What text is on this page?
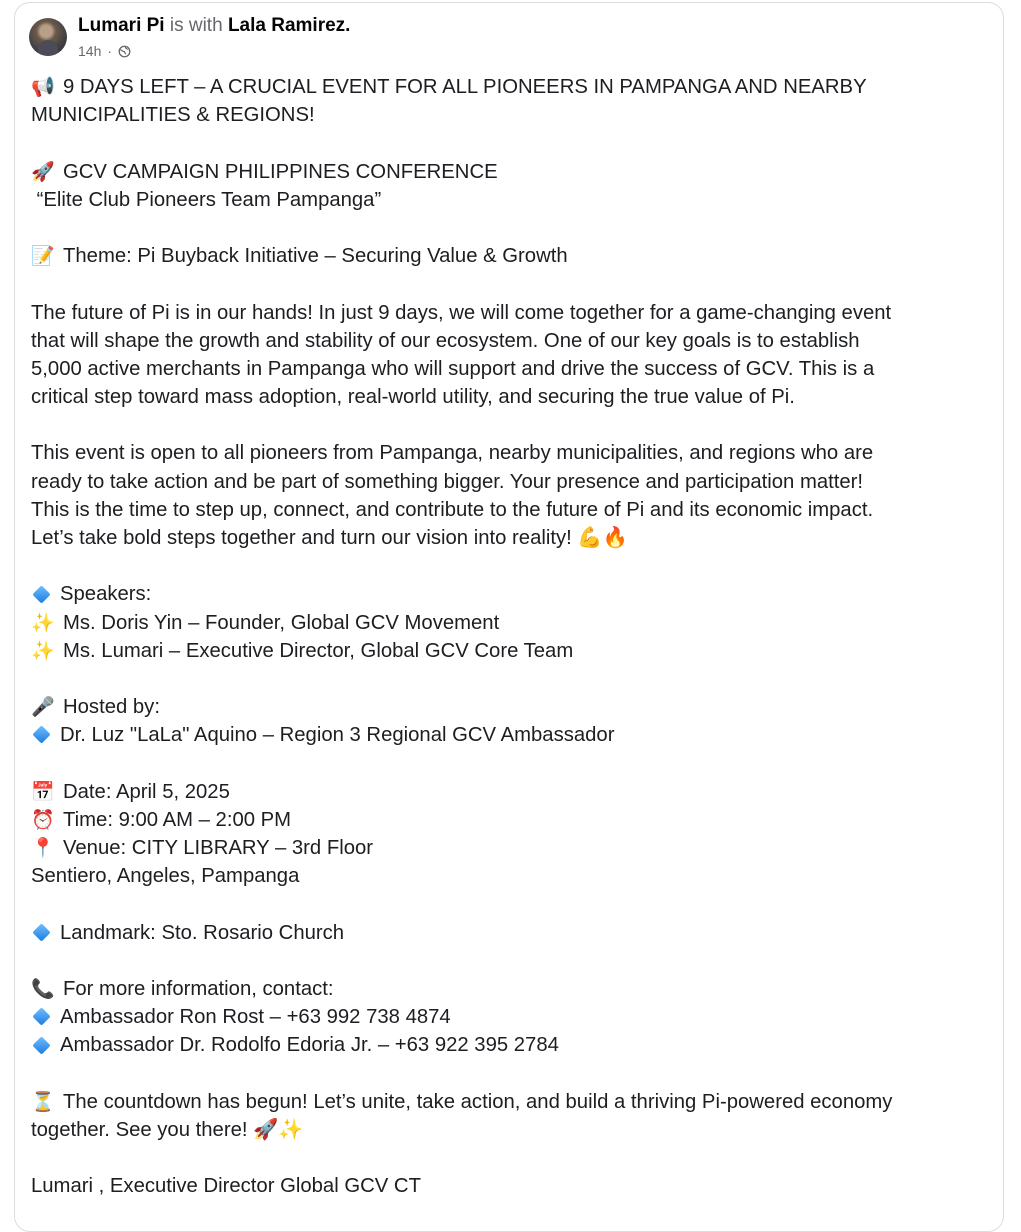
Lumari Pi is with Lala Ramirez.
14h ·
📢 9 DAYS LEFT – A CRUCIAL EVENT FOR ALL PIONEERS IN PAMPANGA AND NEARBY
MUNICIPALITIES & REGIONS!
🚀 GCV CAMPAIGN PHILIPPINES CONFERENCE
“Elite Club Pioneers Team Pampanga”
📝 Theme: Pi Buyback Initiative – Securing Value & Growth
The future of Pi is in our hands! In just 9 days, we will come together for a game-changing event
that will shape the growth and stability of our ecosystem. One of our key goals is to establish
5,000 active merchants in Pampanga who will support and drive the success of GCV. This is a
critical step toward mass adoption, real-world utility, and securing the true value of Pi.
This event is open to all pioneers from Pampanga, nearby municipalities, and regions who are
ready to take action and be part of something bigger. Your presence and participation matter!
This is the time to step up, connect, and contribute to the future of Pi and its economic impact.
Let’s take bold steps together and turn our vision into reality! 💪🔥
Speakers:
✨ Ms. Doris Yin – Founder, Global GCV Movement
✨ Ms. Lumari – Executive Director, Global GCV Core Team
🎤 Hosted by:
Dr. Luz "LaLa" Aquino – Region 3 Regional GCV Ambassador
📅 Date: April 5, 2025
⏰ Time: 9:00 AM – 2:00 PM
📍 Venue: CITY LIBRARY – 3rd Floor
Sentiero, Angeles, Pampanga
Landmark: Sto. Rosario Church
📞 For more information, contact:
Ambassador Ron Rost – +63 992 738 4874
Ambassador Dr. Rodolfo Edoria Jr. – +63 922 395 2784
⏳ The countdown has begun! Let’s unite, take action, and build a thriving Pi-powered economy
together. See you there! 🚀✨
Lumari , Executive Director Global GCV CT
